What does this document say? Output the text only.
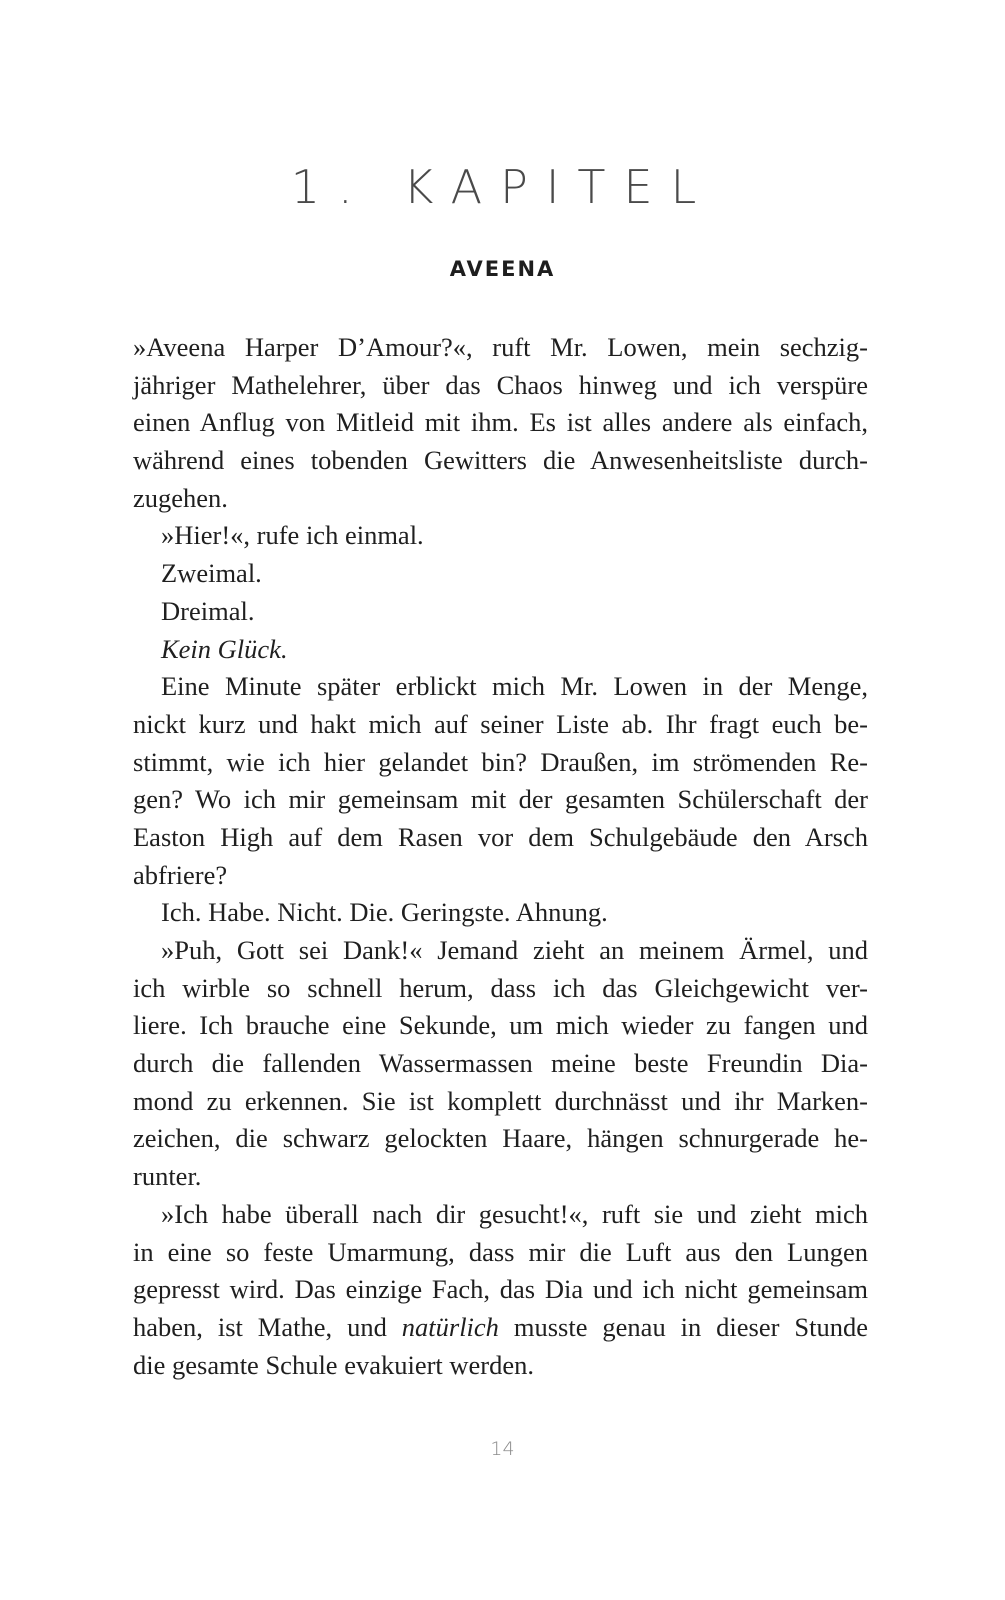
1. KAPITEL
AVEENA
»Aveena Harper D’Amour?«, ruft Mr. Lowen, mein sechzig-
jähriger Mathelehrer, über das Chaos hinweg und ich verspüre
einen Anflug von Mitleid mit ihm. Es ist alles andere als einfach,
während eines tobenden Gewitters die Anwesenheitsliste durch-
zugehen.
»Hier!«, rufe ich einmal.
Zweimal.
Dreimal.
Kein Glück.
Eine Minute später erblickt mich Mr. Lowen in der Menge,
nickt kurz und hakt mich auf seiner Liste ab. Ihr fragt euch be-
stimmt, wie ich hier gelandet bin? Draußen, im strömenden Re-
gen? Wo ich mir gemeinsam mit der gesamten Schülerschaft der
Easton High auf dem Rasen vor dem Schulgebäude den Arsch
abfriere?
Ich. Habe. Nicht. Die. Geringste. Ahnung.
»Puh, Gott sei Dank!« Jemand zieht an meinem Ärmel, und
ich wirble so schnell herum, dass ich das Gleichgewicht ver-
liere. Ich brauche eine Sekunde, um mich wieder zu fangen und
durch die fallenden Wassermassen meine beste Freundin Dia-
mond zu erkennen. Sie ist komplett durchnässt und ihr Marken-
zeichen, die schwarz gelockten Haare, hängen schnurgerade he-
runter.
»Ich habe überall nach dir gesucht!«, ruft sie und zieht mich
in eine so feste Umarmung, dass mir die Luft aus den Lungen
gepresst wird. Das einzige Fach, das Dia und ich nicht gemeinsam
haben, ist Mathe, und natürlich musste genau in dieser Stunde
die gesamte Schule evakuiert werden.
14
